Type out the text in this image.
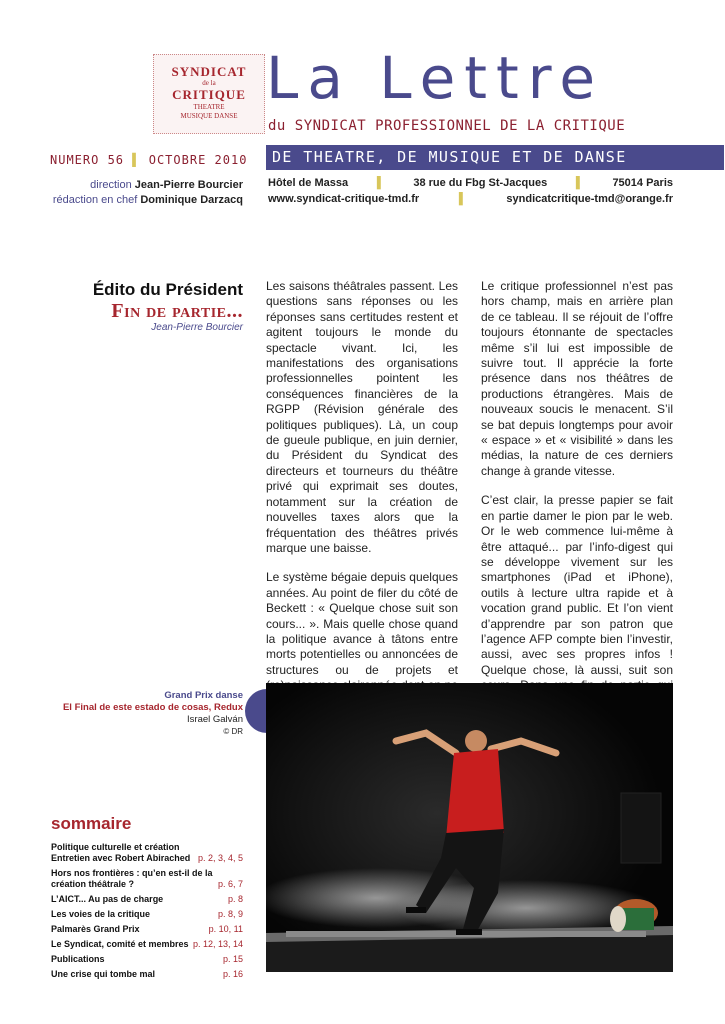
SYNDICAT
de la
CRITIQUE
THEATRE
MUSIQUE DANSE
La Lettre
du SYNDICAT PROFESSIONNEL DE LA CRITIQUE
NUMERO 56 ▌ OCTOBRE 2010 DE THEATRE, DE MUSIQUE ET DE DANSE
direction Jean-Pierre Bourcier
rédaction en chef Dominique Darzacq
Hôtel de Massa	▌	38 rue du Fbg St-Jacques	▌	75014 Paris
www.syndicat-critique-tmd.fr	▌	syndicatcritique-tmd@orange.fr
Édito du Président
Fin de partie...
Jean-Pierre Bourcier

Les saisons théâtrales passent. Les questions sans réponses ou les réponses sans certitudes restent et agitent toujours le monde du spectacle vivant. Ici, les manifestations des organisations professionnelles pointent les conséquences financières de la RGPP (Révision générale des politiques publiques). Là, un coup de gueule publique, en juin dernier, du Président du Syndicat des directeurs et tourneurs du théâtre privé qui exprimait ses doutes, notamment sur la création de nouvelles taxes alors que la fréquentation des théâtres privés marque une baisse.

Le système bégaie depuis quelques années. Au point de filer du côté de Beckett : « Quelque chose suit son cours... ». Mais quelle chose quand la politique avance à tâtons entre morts potentielles ou annoncées de structures ou de projets et

Le critique professionnel n’est pas hors champ, mais en arrière plan de ce tableau. Il se réjouit de l’offre toujours étonnante de spectacles même s’il lui est impossible de suivre tout. Il apprécie la forte présence dans nos théâtres de productions étrangères. Mais de nouveaux soucis le menacent. S’il se bat depuis longtemps pour avoir « espace » et « visibilité » dans les médias, la nature de ces derniers change à grande vitesse.

C’est clair, la presse papier se fait en partie damer le pion par le web. Or le web commence lui-même à être attaqué... par l’info-digest qui se développe vivement sur les smartphones (iPad et iPhone), outils à lecture ultra rapide et à vocation grand public. Et l’on vient d’apprendre par son patron que l’agence AFP compte bien l’investir, aussi, avec ses propres infos ! Quelque chose, là aussi, suit son

Grand Prix danse
El Final de este estado de cosas, Redux
Israel Galván
© DR
sommaire
Politique culturelle et création Entretien avec Robert Abirached p. 2, 3, 4, 5
Hors nos frontières : qu’en est-il de la création théâtrale ?	p. 6, 7
L’AICT... Au pas de charge	p. 8
Les voies de la critique	p. 8, 9
Palmarès Grand Prix	p. 10, 11
Le Syndicat, comité et membres p. 12, 13, 14
Publications	p. 15
Une crise qui tombe mal	p. 16
